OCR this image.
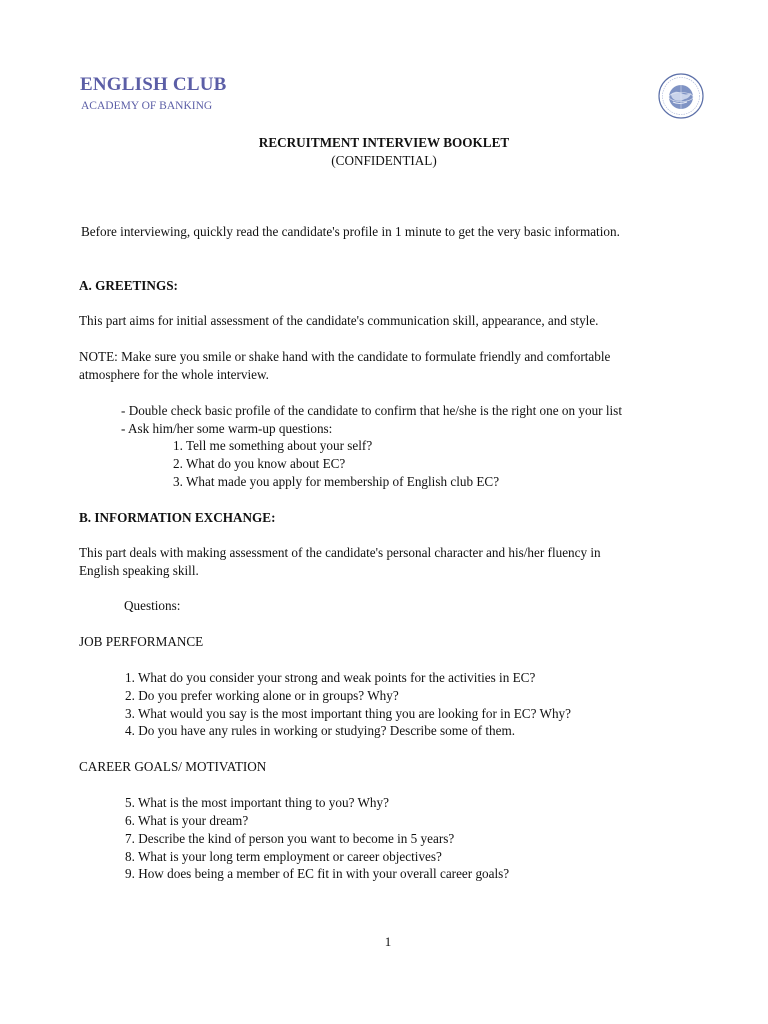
ENGLISH CLUB
ACADEMY OF BANKING
RECRUITMENT INTERVIEW BOOKLET
(CONFIDENTIAL)
Before interviewing, quickly read the candidate's profile in 1 minute to get the very basic information.
A. GREETINGS:
This part aims for initial assessment of the candidate's communication skill, appearance, and style.
NOTE: Make sure you smile or shake hand with the candidate to formulate friendly and comfortable
atmosphere for the whole interview.
- Double check basic profile of the candidate to confirm that he/she is the right one on your list
- Ask him/her some warm-up questions:
1. Tell me something about your self?
2. What do you know about EC?
3. What made you apply for membership of English club EC?
B. INFORMATION EXCHANGE:
This part deals with making assessment of the candidate's personal character and his/her fluency in
English speaking skill.
Questions:
JOB PERFORMANCE
1. What do you consider your strong and weak points for the activities in EC?
2. Do you prefer working alone or in groups? Why?
3. What would you say is the most important thing you are looking for in EC? Why?
4. Do you have any rules in working or studying? Describe some of them.
CAREER GOALS/ MOTIVATION
5. What is the most important thing to you? Why?
6. What is your dream?
7. Describe the kind of person you want to become in 5 years?
8. What is your long term employment or career objectives?
9. How does being a member of EC fit in with your overall career goals?
1
